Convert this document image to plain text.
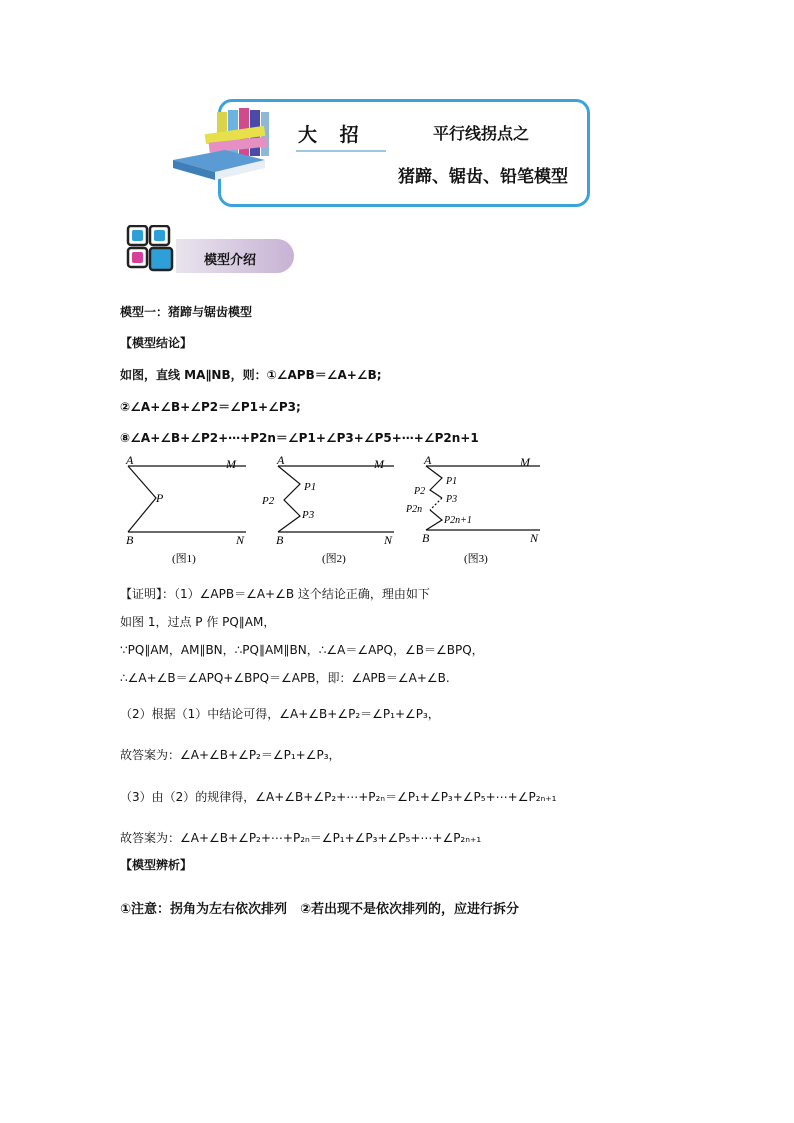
大 招	平行线拐点之
猪蹄、锯齿、铅笔模型
模型介绍
模型一：猪蹄与锯齿模型
【模型结论】
如图，直线 MA∥NB，则：①∠APB＝∠A+∠B;
②∠A+∠B+∠P2＝∠P1+∠P3;
⑧∠A+∠B+∠P2+⋯+P2n＝∠P1+∠P3+∠P5+⋯+∠P2n+1
A	M
P
B	N
(图1)
A	M
P1
P2
P3
B	N
(图2)
A	M
P1
P2
P3
P2n
P2n+1
B	N
(图3)
【证明】：（1）∠APB＝∠A+∠B 这个结论正确，理由如下
如图 1，过点 P 作 PQ∥AM，
∵PQ∥AM，AM∥BN，∴PQ∥AM∥BN，∴∠A＝∠APQ，∠B＝∠BPQ，
∴∠A+∠B＝∠APQ+∠BPQ＝∠APB，即：∠APB＝∠A+∠B.
（2）根据（1）中结论可得，∠A+∠B+∠P₂＝∠P₁+∠P₃，
故答案为：∠A+∠B+∠P₂＝∠P₁+∠P₃，
（3）由（2）的规律得，∠A+∠B+∠P₂+⋯+P₂ₙ＝∠P₁+∠P₃+∠P₅+⋯+∠P₂ₙ₊₁
故答案为：∠A+∠B+∠P₂+⋯+P₂ₙ＝∠P₁+∠P₃+∠P₅+⋯+∠P₂ₙ₊₁
【模型辨析】
①注意：拐角为左右依次排列　②若出现不是依次排列的，应进行拆分
